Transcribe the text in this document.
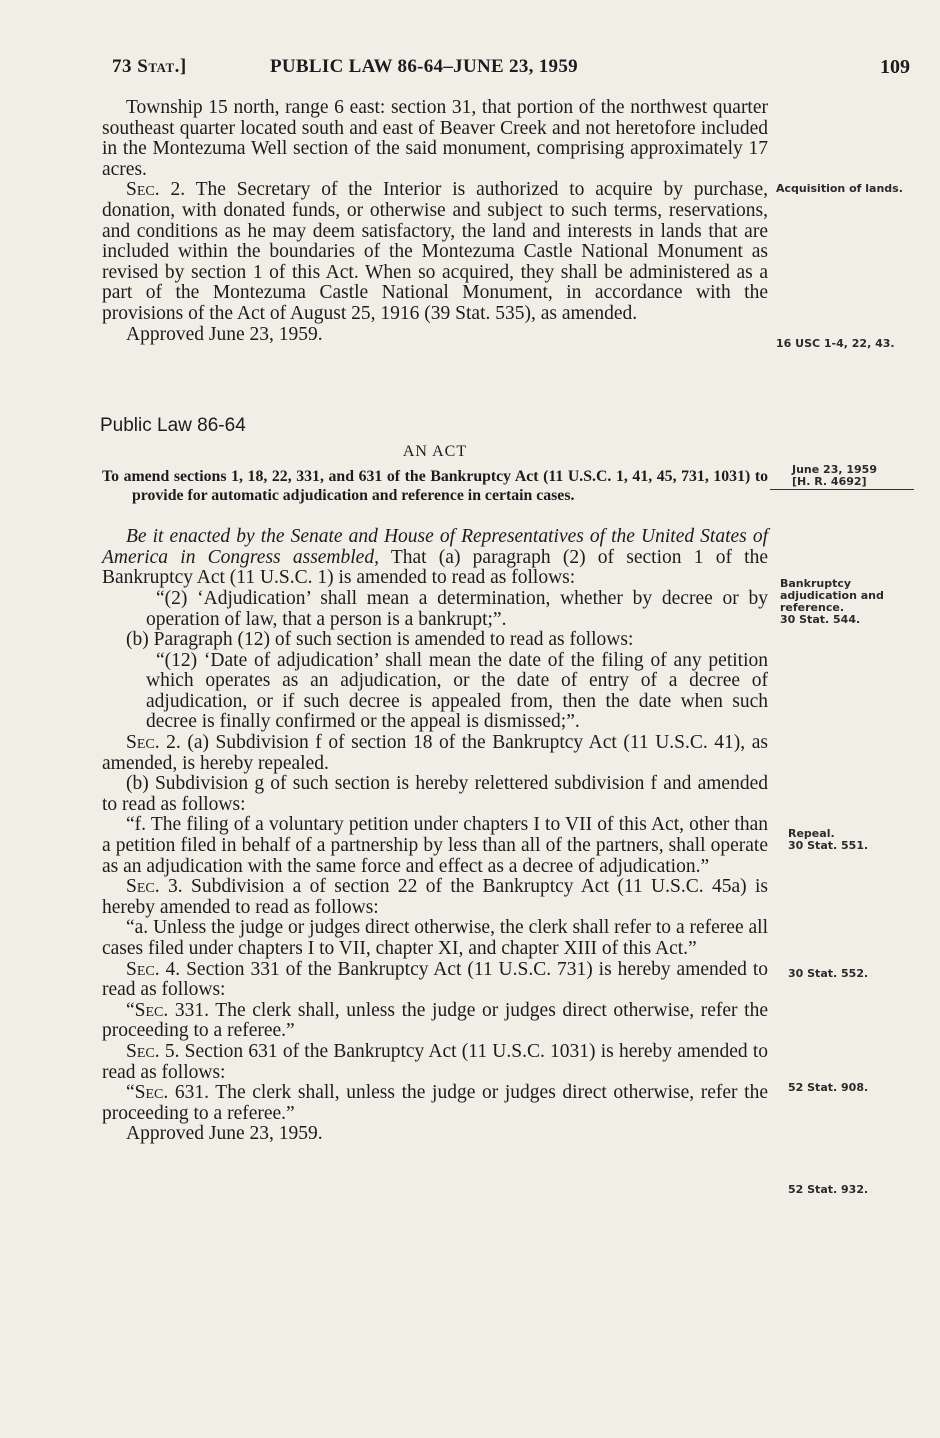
73 Stat.]	PUBLIC LAW 86-64–JUNE 23, 1959	109

Township 15 north, range 6 east: section 31, that portion of the northwest quarter southeast quarter located south and east of Beaver Creek and not heretofore included in the Montezuma Well section of the said monument, comprising approximately 17 acres.

Sec. 2. The Secretary of the Interior is authorized to acquire by purchase, donation, with donated funds, or otherwise and subject to such terms, reservations, and conditions as he may deem satisfactory, the land and interests in lands that are included within the boundaries of the Montezuma Castle National Monument as revised by section 1 of this Act. When so acquired, they shall be administered as a part of the Montezuma Castle National Monument, in accordance with the provisions of the Act of August 25, 1916 (39 Stat. 535), as amended.

Approved June 23, 1959.

Public Law 86-64

AN ACT

To amend sections 1, 18, 22, 331, and 631 of the Bankruptcy Act (11 U.S.C. 1, 41, 45, 731, 1031) to provide for automatic adjudication and reference in certain cases.

Be it enacted by the Senate and House of Representatives of the United States of America in Congress assembled, That (a) paragraph (2) of section 1 of the Bankruptcy Act (11 U.S.C. 1) is amended to read as follows:

“(2) ‘Adjudication’ shall mean a determination, whether by decree or by operation of law, that a person is a bankrupt;”.

(b) Paragraph (12) of such section is amended to read as follows:

“(12) ‘Date of adjudication’ shall mean the date of the filing of any petition which operates as an adjudication, or the date of entry of a decree of adjudication, or if such decree is appealed from, then the date when such decree is finally confirmed or the appeal is dismissed;”.

Sec. 2. (a) Subdivision f of section 18 of the Bankruptcy Act (11 U.S.C. 41), as amended, is hereby repealed.

(b) Subdivision g of such section is hereby relettered subdivision f and amended to read as follows:

“f. The filing of a voluntary petition under chapters I to VII of this Act, other than a petition filed in behalf of a partnership by less than all of the partners, shall operate as an adjudication with the same force and effect as a decree of adjudication.”

Sec. 3. Subdivision a of section 22 of the Bankruptcy Act (11 U.S.C. 45a) is hereby amended to read as follows:

“a. Unless the judge or judges direct otherwise, the clerk shall refer to a referee all cases filed under chapters I to VII, chapter XI, and chapter XIII of this Act.”

Sec. 4. Section 331 of the Bankruptcy Act (11 U.S.C. 731) is hereby amended to read as follows:

“Sec. 331. The clerk shall, unless the judge or judges direct otherwise, refer the proceeding to a referee.”

Sec. 5. Section 631 of the Bankruptcy Act (11 U.S.C. 1031) is hereby amended to read as follows:

“Sec. 631. The clerk shall, unless the judge or judges direct otherwise, refer the proceeding to a referee.”

Approved June 23, 1959.

Acquisition of lands.
16 USC 1-4, 22, 43.
June 23, 1959
[H. R. 4692]
Bankruptcy adjudication and reference.
30 Stat. 544.
Repeal.
30 Stat. 551.
30 Stat. 552.
52 Stat. 908.
52 Stat. 932.
